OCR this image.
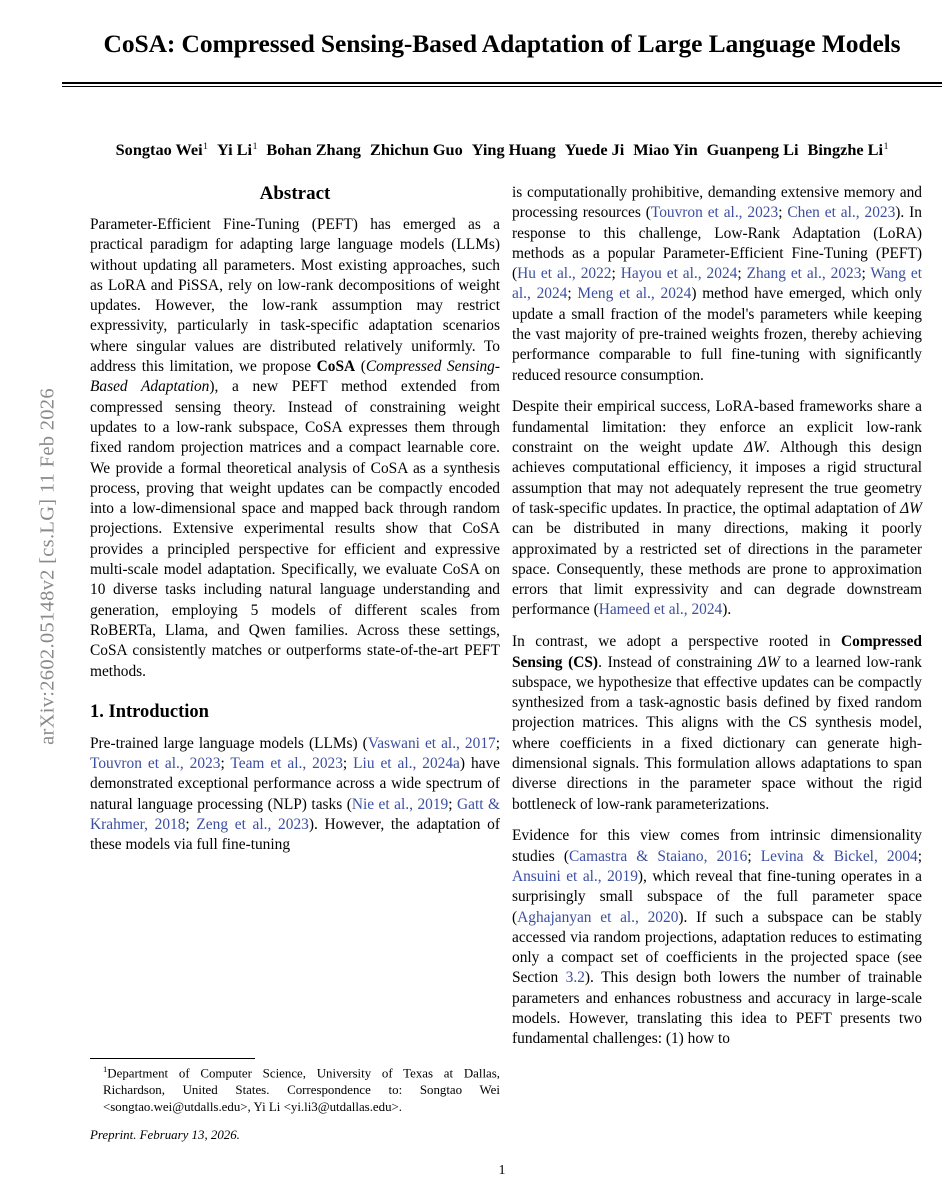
arXiv:2602.05148v2 [cs.LG] 11 Feb 2026
CoSA: Compressed Sensing-Based Adaptation of Large Language Models
Songtao Wei$^1$ Yi Li$^1$ Bohan Zhang Zhichun Guo Ying Huang Yuede Ji Miao Yin Guanpeng Li Bingzhe Li$^1$
Abstract

Parameter-Efficient Fine-Tuning (PEFT) has emerged as a practical paradigm for adapting large language models (LLMs) without updating all parameters. Most existing approaches, such as LoRA and PiSSA, rely on low-rank decompositions of weight updates. However, the low-rank assumption may restrict expressivity, particularly in task-specific adaptation scenarios where singular values are distributed relatively uniformly. To address this limitation, we propose CoSA (Compressed Sensing-Based Adaptation), a new PEFT method extended from compressed sensing theory. Instead of constraining weight updates to a low-rank subspace, CoSA expresses them through fixed random projection matrices and a compact learnable core. We provide a formal theoretical analysis of CoSA as a synthesis process, proving that weight updates can be compactly encoded into a low-dimensional space and mapped back through random projections. Extensive experimental results show that CoSA provides a principled perspective for efficient and expressive multi-scale model adaptation. Specifically, we evaluate CoSA on 10 diverse tasks including natural language understanding and generation, employing 5 models of different scales from RoBERTa, Llama, and Qwen families. Across these settings, CoSA consistently matches or outperforms state-of-the-art PEFT methods.

1. Introduction

Pre-trained large language models (LLMs) (Vaswani et al., 2017; Touvron et al., 2023; Team et al., 2023; Liu et al., 2024a) have demonstrated exceptional performance across a wide spectrum of natural language processing (NLP) tasks (Nie et al., 2019; Gatt & Krahmer, 2018; Zeng et al., 2023). However, the adaptation of these models via full fine-tuning

is computationally prohibitive, demanding extensive memory and processing resources (Touvron et al., 2023; Chen et al., 2023). In response to this challenge, Low-Rank Adaptation (LoRA) methods as a popular Parameter-Efficient Fine-Tuning (PEFT) (Hu et al., 2022; Hayou et al., 2024; Zhang et al., 2023; Wang et al., 2024; Meng et al., 2024) method have emerged, which only update a small fraction of the model's parameters while keeping the vast majority of pre-trained weights frozen, thereby achieving performance comparable to full fine-tuning with significantly reduced resource consumption.

Despite their empirical success, LoRA-based frameworks share a fundamental limitation: they enforce an explicit low-rank constraint on the weight update ΔW. Although this design achieves computational efficiency, it imposes a rigid structural assumption that may not adequately represent the true geometry of task-specific updates. In practice, the optimal adaptation of ΔW can be distributed in many directions, making it poorly approximated by a restricted set of directions in the parameter space. Consequently, these methods are prone to approximation errors that limit expressivity and can degrade downstream performance (Hameed et al., 2024).

In contrast, we adopt a perspective rooted in Compressed Sensing (CS). Instead of constraining ΔW to a learned low-rank subspace, we hypothesize that effective updates can be compactly synthesized from a task-agnostic basis defined by fixed random projection matrices. This aligns with the CS synthesis model, where coefficients in a fixed dictionary can generate high-dimensional signals. This formulation allows adaptations to span diverse directions in the parameter space without the rigid bottleneck of low-rank parameterizations.

Evidence for this view comes from intrinsic dimensionality studies (Camastra & Staiano, 2016; Levina & Bickel, 2004; Ansuini et al., 2019), which reveal that fine-tuning operates in a surprisingly small subspace of the full parameter space (Aghajanyan et al., 2020). If such a subspace can be stably accessed via random projections, adaptation reduces to estimating only a compact set of coefficients in the projected space (see Section 3.2). This design both lowers the number of trainable parameters and enhances robustness and accuracy in large-scale models. However, translating this idea to PEFT presents two fundamental challenges: (1) how to

$^1$Department of Computer Science, University of Texas at Dallas, Richardson, United States. Correspondence to: Songtao Wei <songtao.wei@utdalls.edu>, Yi Li <yi.li3@utdallas.edu>.

Preprint. February 13, 2026.

1
